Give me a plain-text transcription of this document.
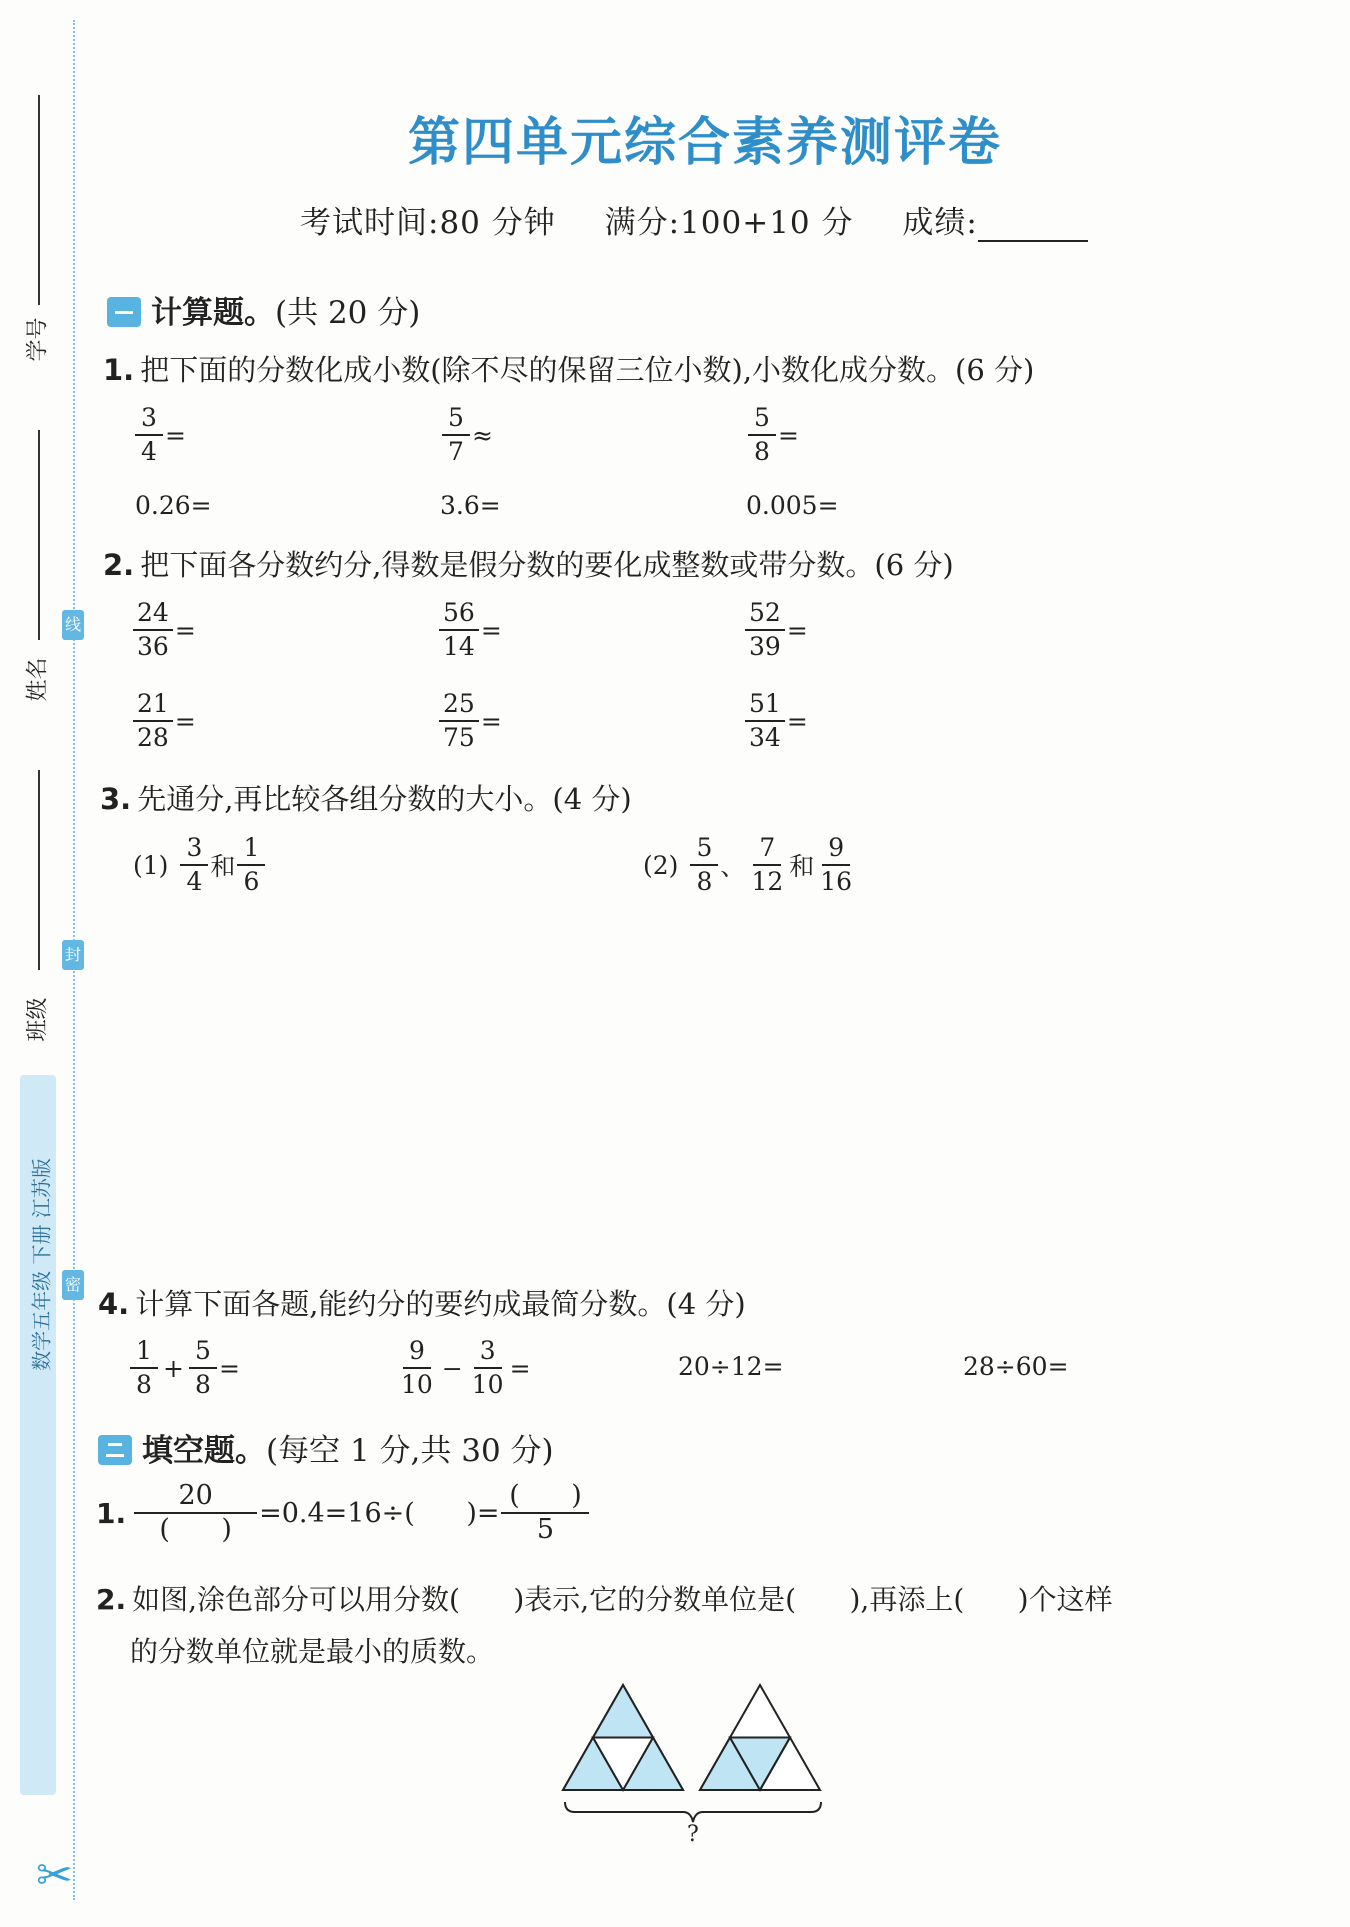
学号
姓名
班级
线
封
密
数学五年级 下册 江苏版
✂
第四单元综合素养测评卷
考试时间:80 分钟 满分:100+10 分 成绩:
计算题。(共 20 分)
1. 把下面的分数化成小数(除不尽的保留三位小数),小数化成分数。(6 分)
$\frac{3}{4}$ =	$\frac{5}{7}$ ≈	$\frac{5}{8}$ =
0.26=	3.6=	0.005=
2. 把下面各分数约分,得数是假分数的要化成整数或带分数。(6 分)
$\frac{24}{36}$ =	$\frac{56}{14}$ =	$\frac{52}{39}$ =
$\frac{21}{28}$ =	$\frac{25}{75}$ =	$\frac{51}{34}$ =
3. 先通分,再比较各组分数的大小。(4 分)
(1)
3
4
和
1
6
(2)
5
8
、
7
12
和
9
16
4. 计算下面各题,能约分的要约成最简分数。(4 分)
1
8
+ $\frac{5}{8}$ =
9
10
− $\frac{3}{10}$ =	20÷12=	28÷60=
填空题。(每空 1 分,共 30 分)
1. $\frac{20}{( )} =0.4=16\div$(      )= $\frac{( )}{5}$
2. 如图,涂色部分可以用分数(      )表示,它的分数单位是(      ),再添上(      )个这样
的分数单位就是最小的质数。
?
